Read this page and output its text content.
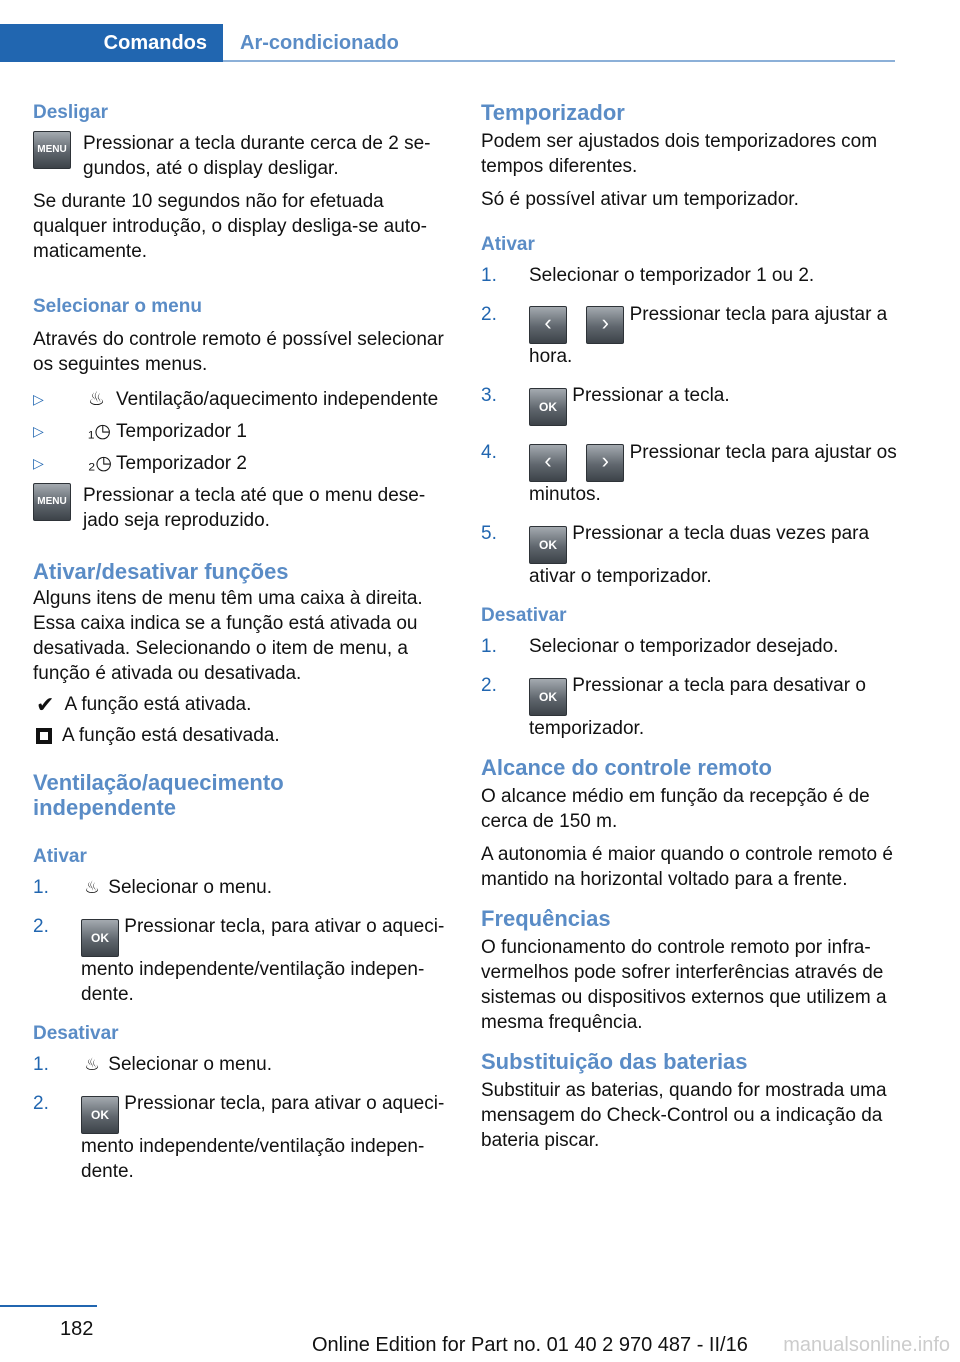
Comandos Ar-condicionado
Desligar
MENU Pressionar a tecla durante cerca de 2 segundos, até o display desligar.

Se durante 10 segundos não for efetuada qualquer introdução, o display desliga-se automaticamente.

Selecionar o menu

Através do controle remoto é possível selecionar os seguintes menus.

▷ ♨ Ventilação/aquecimento independente
▷ ₁◷ Temporizador 1
▷ ₂◷ Temporizador 2
MENU Pressionar a tecla até que o menu desejado seja reproduzido.

Ativar/desativar funções

Alguns itens de menu têm uma caixa à direita. Essa caixa indica se a função está ativada ou desativada. Selecionando o item de menu, a função é ativada ou desativada.

✔ A função está ativada.
A função está desativada.
Ventilação/aquecimento independente
Ativar
1. ♨ Selecionar o menu.
2.
OK Pressionar tecla, para ativar o aquecimento independente/ventilação independente.
Desativar
1. ♨ Selecionar o menu.
2.
OK Pressionar tecla, para ativar o aquecimento independente/ventilação independente.
Temporizador

Podem ser ajustados dois temporizadores com tempos diferentes.

Só é possível ativar um temporizador.

Ativar
1. Selecionar o temporizador 1 ou 2.
2. ‹ › Pressionar tecla para ajustar a hora.
3.
OK Pressionar a tecla.
4. ‹ › Pressionar tecla para ajustar os minutos.
5.
OK Pressionar a tecla duas vezes para ativar o temporizador.
Desativar
1. Selecionar o temporizador desejado.
2.
OK Pressionar a tecla para desativar o temporizador.
Alcance do controle remoto

O alcance médio em função da recepção é de cerca de 150 m.

A autonomia é maior quando o controle remoto é mantido na horizontal voltado para a frente.

Frequências

O funcionamento do controle remoto por infravermelhos pode sofrer interferências através de sistemas ou dispositivos externos que utilizem a mesma frequência.

Substituição das baterias

Substituir as baterias, quando for mostrada uma mensagem do Check-Control ou a indicação da bateria piscar.

182
Online Edition for Part no. 01 40 2 970 487 - II/16 manualsonline.info
